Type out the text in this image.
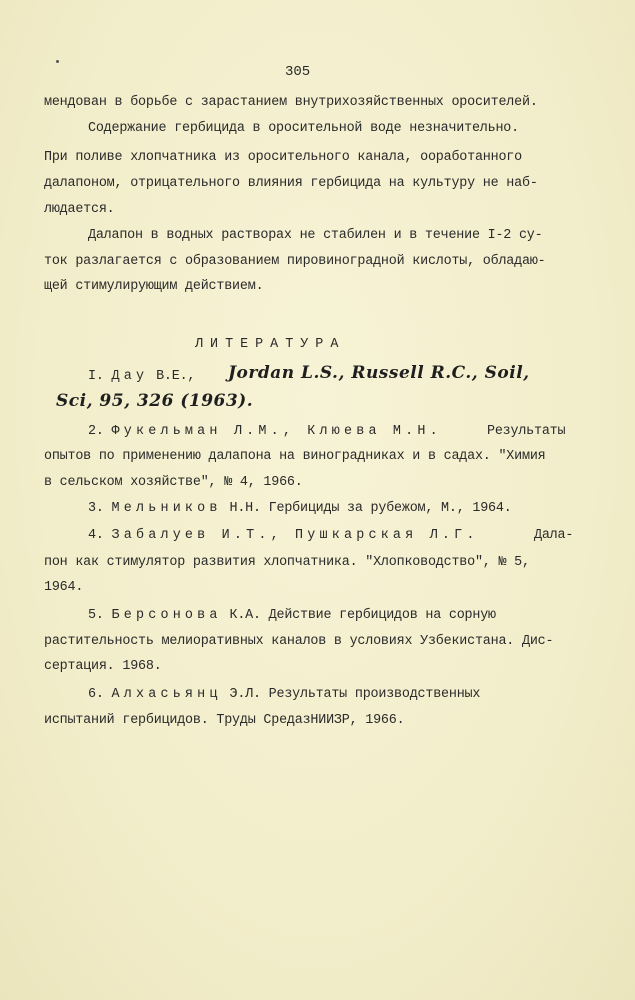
305
мендован в борьбе с зарастанием внутрихозяйственных оросителей.
Содержание гербицида в оросительной воде незначительно.
При поливе хлопчатника из оросительного канала, ооработанного
далапоном, отрицательного влияния гербицида на культуру не наб-
людается.
Далапон в водных растворах не стабилен и в течение I-2 су-
ток разлагается с образованием пировиноградной кислоты, обладаю-
щей стимулирующим действием.
ЛИТЕРАТУРА
I. Дау В.Е., Jordan L.S., Russell R.C., Soil,
Sci, 95, 326 (1963).
2. Фукельман Л.М., Клюева М.Н.	Результаты
опытов по применению далапона на виноградниках и в садах. "Химия
в сельском хозяйстве", № 4, 1966.
3. Мельников Н.Н. Гербициды за рубежом, М., 1964.
4. Забалуев И.Т., Пушкарская Л.Г.	Дала-
пон как стимулятор развития хлопчатника. "Хлопководство", № 5,
1964.
5. Берсонова К.А. Действие гербицидов на сорную
растительность мелиоративных каналов в условиях Узбекистана. Дис-
сертация. 1968.
6. Алхасьянц Э.Л. Результаты производственных
испытаний гербицидов. Труды СредазНИИЗР, 1966.
